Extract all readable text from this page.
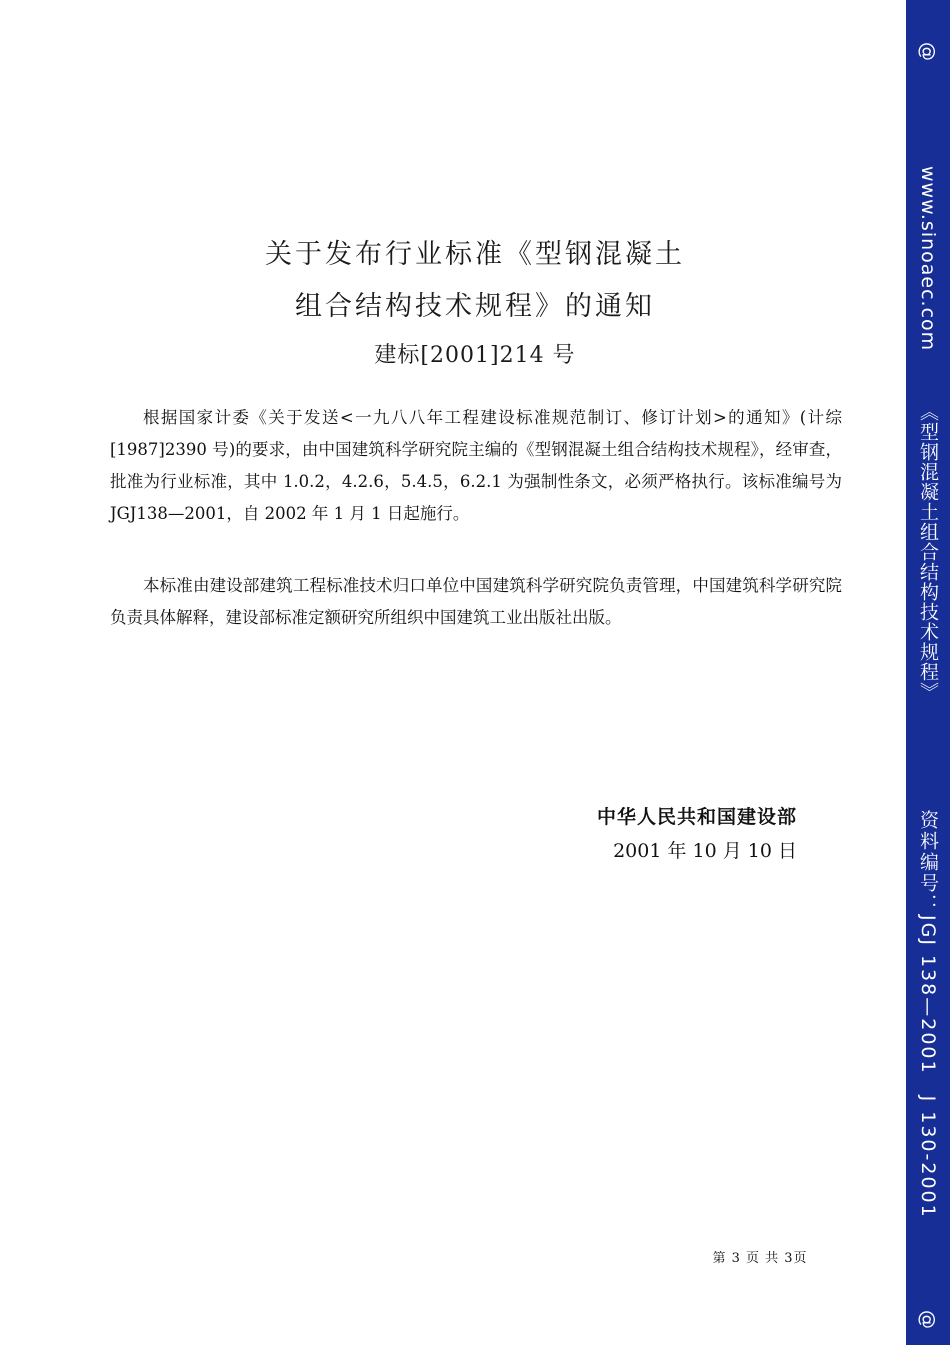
关于发布行业标准《型钢混凝土
组合结构技术规程》的通知
建标[2001]214 号

根据国家计委《关于发送<一九八八年工程建设标准规范制订、修订计划>的通知》(计综[1987]2390 号)的要求，由中国建筑科学研究院主编的《型钢混凝土组合结构技术规程》，经审查，批准为行业标准，其中 1.0.2，4.2.6，5.4.5，6.2.1 为强制性条文，必须严格执行。该标准编号为 JGJ138—2001，自 2002 年 1 月 1 日起施行。

本标准由建设部建筑工程标准技术归口单位中国建筑科学研究院负责管理，中国建筑科学研究院负责具体解释，建设部标准定额研究所组织中国建筑工业出版社出版。

中华人民共和国建设部
2001 年 10 月 10 日
第 3 页 共 3页
@
www.sinoaec.com
《型钢混凝土组合结构技术规程》
资料编号：JGJ 138—2001　J 130-2001
@
